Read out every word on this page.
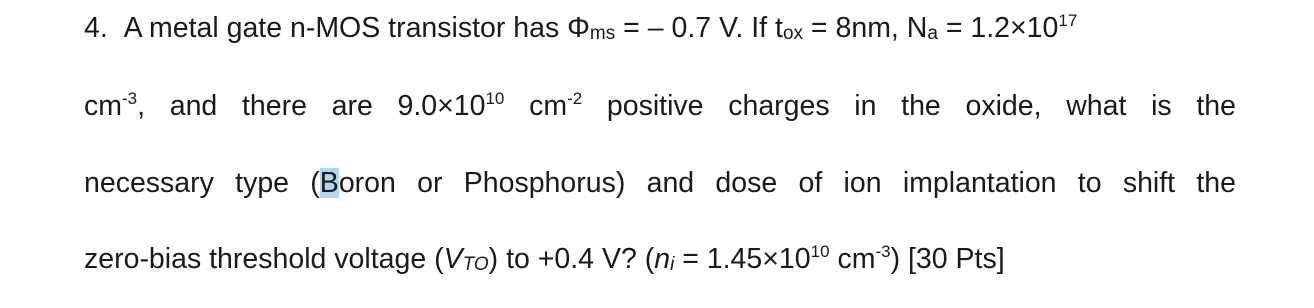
4. A metal gate n-MOS transistor has Φms = – 0.7 V. If tox = 8nm, $Na = 1.2\times 10^{17}$
$cm^{-3}$, and there are $9.0\times 10^{10}$ $cm^{-2}$ positive charges in the oxide, what is the
necessary type (Boron or Phosphorus) and dose of ion implantation to shift the
zero-bias threshold voltage (VTO) to +0.4 V? ($ni = 1.45\times 10^{10}$ $cm^{-3}$) [30 Pts]
